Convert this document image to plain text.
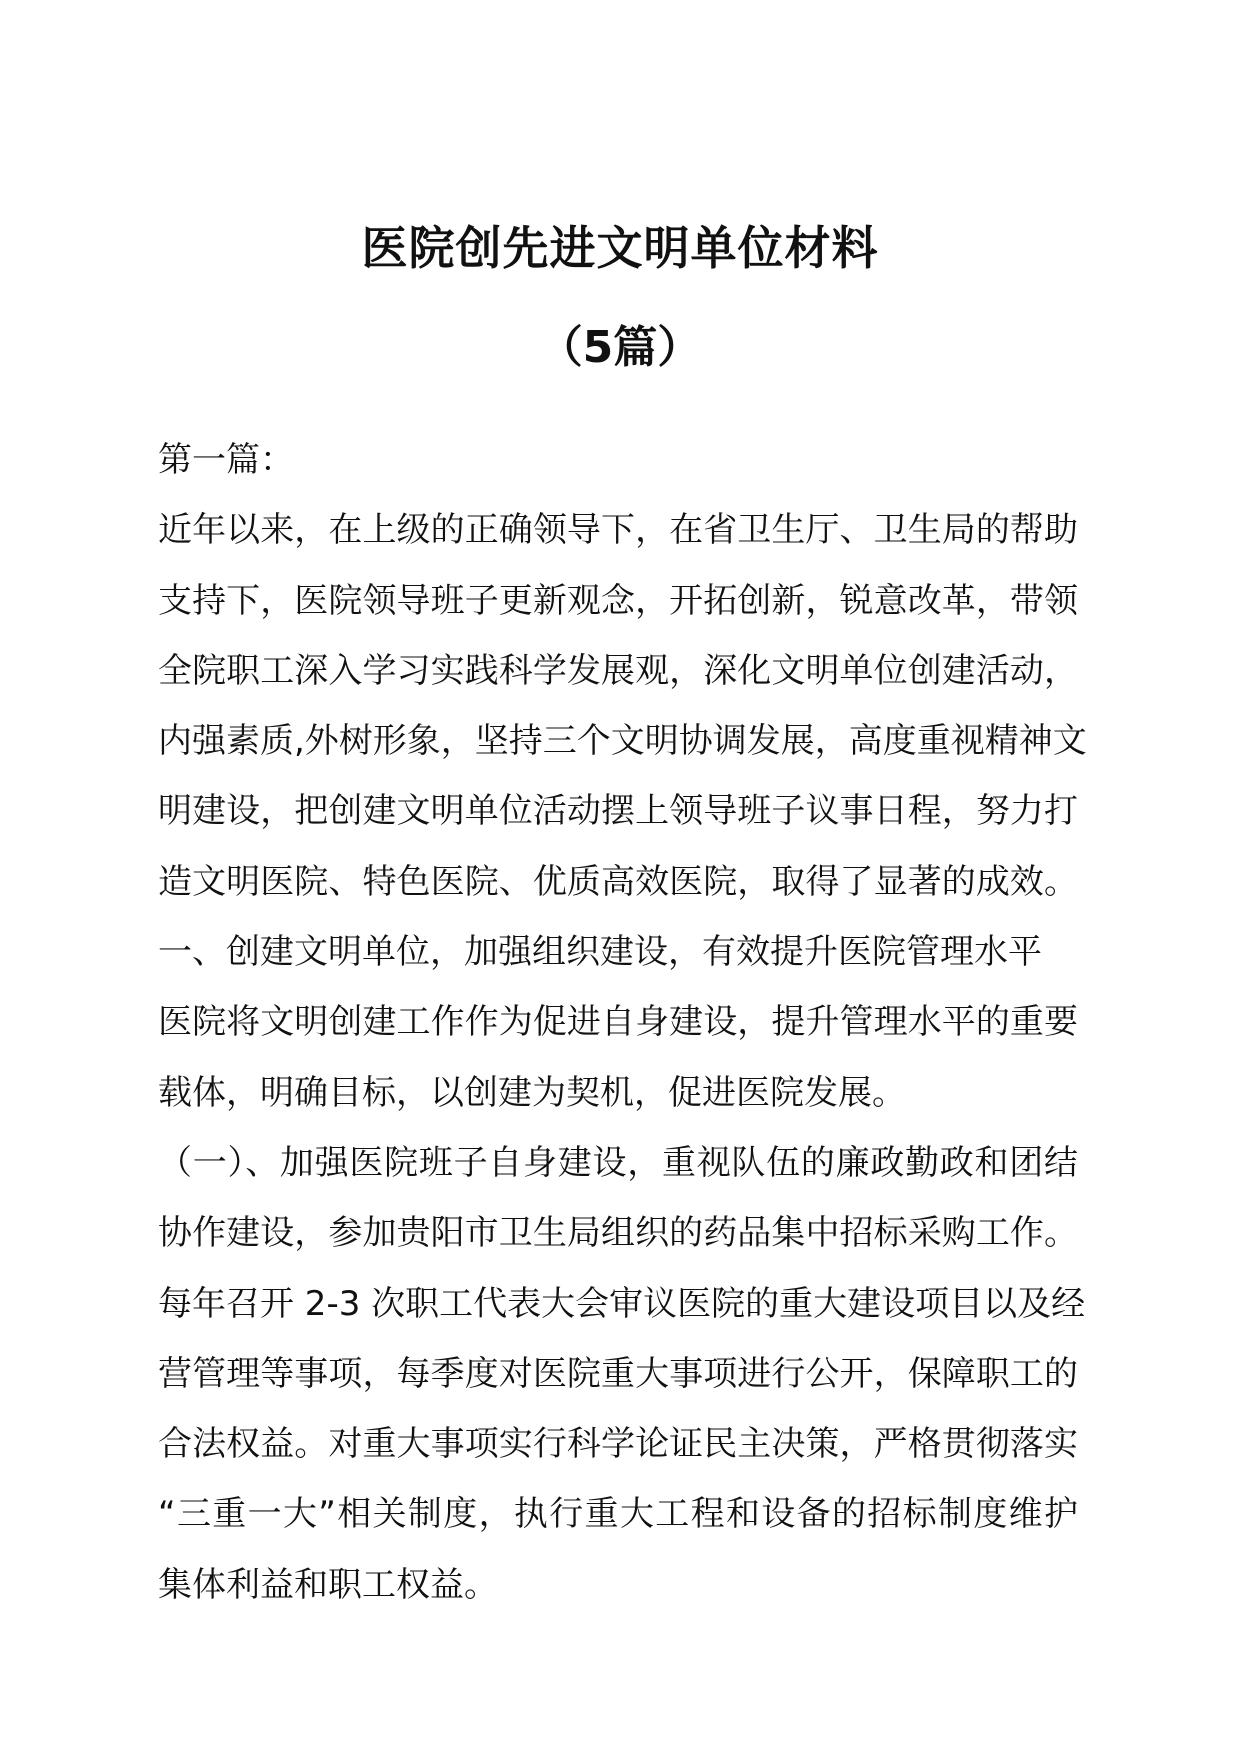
医院创先进文明单位材料
（5篇）
第一篇：
近年以来，在上级的正确领导下，在省卫生厅、卫生局的帮助
支持下，医院领导班子更新观念，开拓创新，锐意改革，带领
全院职工深入学习实践科学发展观，深化文明单位创建活动，
内强素质,外树形象，坚持三个文明协调发展，高度重视精神文
明建设，把创建文明单位活动摆上领导班子议事日程，努力打
造文明医院、特色医院、优质高效医院，取得了显著的成效。
一、创建文明单位，加强组织建设，有效提升医院管理水平
医院将文明创建工作作为促进自身建设，提升管理水平的重要
载体，明确目标，以创建为契机，促进医院发展。
（一）、加强医院班子自身建设，重视队伍的廉政勤政和团结
协作建设，参加贵阳市卫生局组织的药品集中招标采购工作。
每年召开 2-3 次职工代表大会审议医院的重大建设项目以及经
营管理等事项，每季度对医院重大事项进行公开，保障职工的
合法权益。对重大事项实行科学论证民主决策，严格贯彻落实
“三重一大”相关制度，执行重大工程和设备的招标制度维护
集体利益和职工权益。
